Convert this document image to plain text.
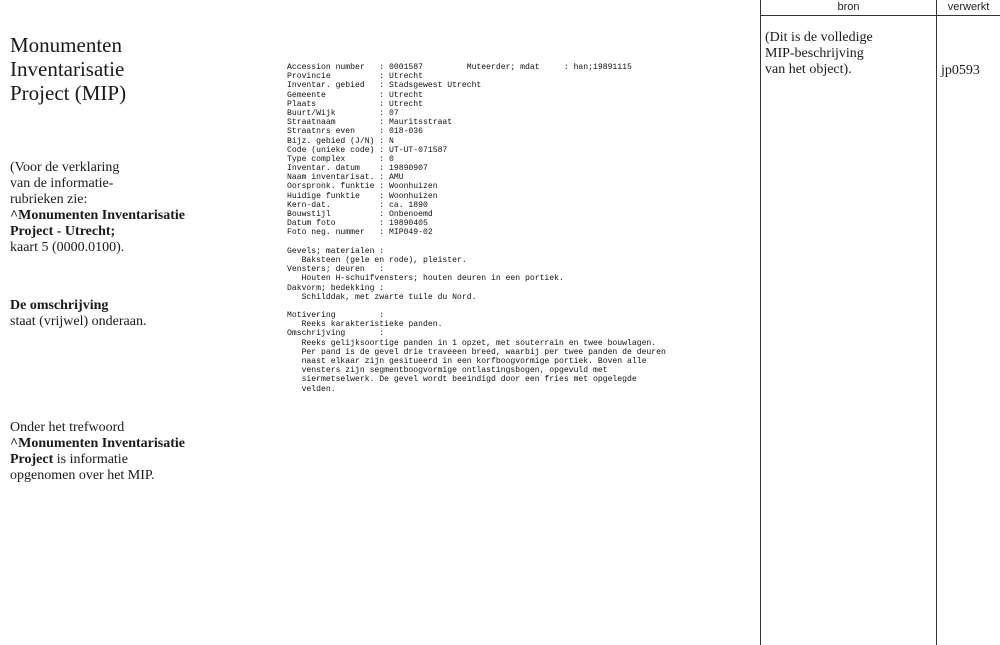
Monumenten
Inventarisatie
Project (MIP)
(Voor de verklaring
van de informatie-
rubrieken zie:
^Monumenten Inventarisatie
Project - Utrecht;
kaart 5 (0000.0100).
De omschrijving
staat (vrijwel) onderaan.
Onder het trefwoord
^Monumenten Inventarisatie
Project is informatie
opgenomen over het MIP.
Accession number   : 0001587         Muteerder; mdat     : han;19891115
Provincie          : Utrecht
Inventar. gebied   : Stadsgewest Utrecht
Gemeente           : Utrecht
Plaats             : Utrecht
Buurt/Wijk         : 07
Straatnaam         : Mauritsstraat
Straatnrs even     : 018-036
Bijz. gebied (J/N) : N
Code (unieke code) : UT-UT-071587
Type complex       : 0
Inventar. datum    : 19890907
Naam inventarisat. : AMU
Oorspronk. funktie : Woonhuizen
Huidige funktie    : Woonhuizen
Kern-dat.          : ca. 1890
Bouwstijl          : Onbenoemd
Datum foto         : 19890405
Foto neg. nummer   : MIP049-02
Gevels; materialen :
Baksteen (gele en rode), pleister.
Vensters; deuren   :
Houten H-schuifvensters; houten deuren in een portiek.
Dakvorm; bedekking :
Schilddak, met zwarte tuile du Nord.
Motivering         :
Reeks karakteristieke panden.
Omschrijving       :
Reeks gelijksoortige panden in 1 opzet, met souterrain en twee bouwlagen.
Per pand is de gevel drie traveeen breed, waarbij per twee panden de deuren
naast elkaar zijn gesitueerd in een korfboogvormige portiek. Boven alle
vensters zijn segmentboogvormige ontlastingsbogen, opgevuld met
siermetselwerk. De gevel wordt beeindigd door een fries met opgelegde
velden.
bron	verwerkt
(Dit is de volledige
MIP-beschrijving
van het object).	jp0593
